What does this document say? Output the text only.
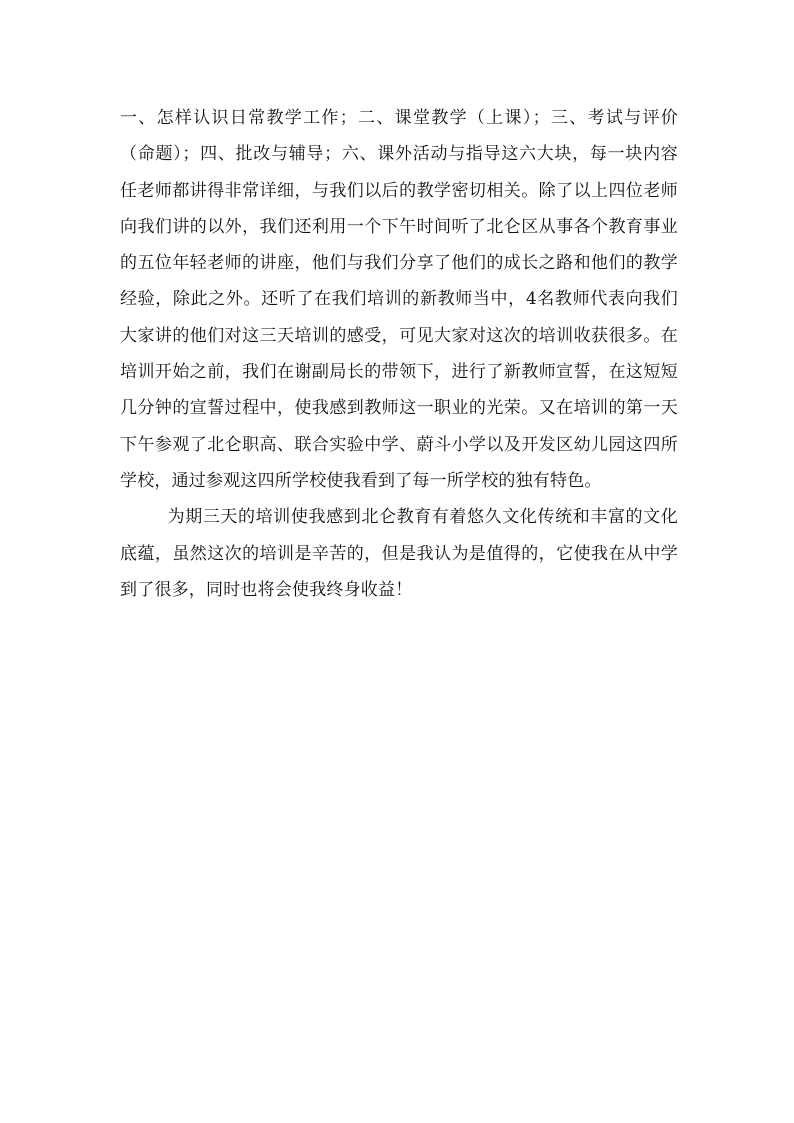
一、怎样认识日常教学工作；二、课堂教学（上课）；三、考试与评价（命题）；四、批改与辅导；六、课外活动与指导这六大块，每一块内容任老师都讲得非常详细，与我们以后的教学密切相关。除了以上四位老师向我们讲的以外，我们还利用一个下午时间听了北仑区从事各个教育事业的五位年轻老师的讲座，他们与我们分享了他们的成长之路和他们的教学经验，除此之外。还听了在我们培训的新教师当中，4名教师代表向我们大家讲的他们对这三天培训的感受，可见大家对这次的培训收获很多。在培训开始之前，我们在谢副局长的带领下，进行了新教师宣誓，在这短短几分钟的宣誓过程中，使我感到教师这一职业的光荣。又在培训的第一天下午参观了北仑职高、联合实验中学、蔚斗小学以及开发区幼儿园这四所学校，通过参观这四所学校使我看到了每一所学校的独有特色。

为期三天的培训使我感到北仑教育有着悠久文化传统和丰富的文化底蕴，虽然这次的培训是辛苦的，但是我认为是值得的，它使我在从中学到了很多，同时也将会使我终身收益！
